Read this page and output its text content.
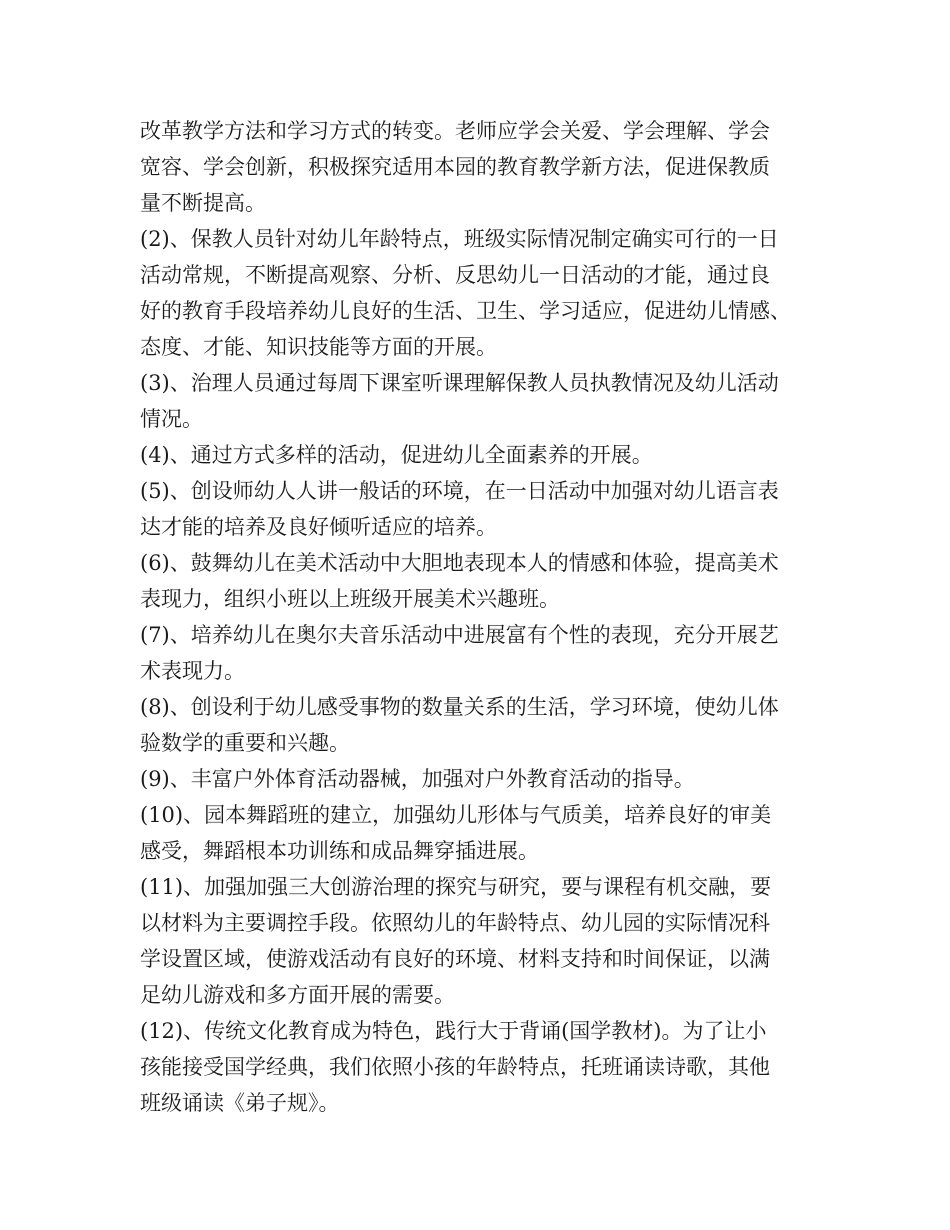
改革教学方法和学习方式的转变。老师应学会关爱、学会理解、学会
宽容、学会创新，积极探究适用本园的教育教学新方法，促进保教质
量不断提高。
(2)、保教人员针对幼儿年龄特点，班级实际情况制定确实可行的一日
活动常规，不断提高观察、分析、反思幼儿一日活动的才能，通过良
好的教育手段培养幼儿良好的生活、卫生、学习适应，促进幼儿情感、
态度、才能、知识技能等方面的开展。
(3)、治理人员通过每周下课室听课理解保教人员执教情况及幼儿活动
情况。
(4)、通过方式多样的活动，促进幼儿全面素养的开展。
(5)、创设师幼人人讲一般话的环境，在一日活动中加强对幼儿语言表
达才能的培养及良好倾听适应的培养。
(6)、鼓舞幼儿在美术活动中大胆地表现本人的情感和体验，提高美术
表现力，组织小班以上班级开展美术兴趣班。
(7)、培养幼儿在奥尔夫音乐活动中进展富有个性的表现，充分开展艺
术表现力。
(8)、创设利于幼儿感受事物的数量关系的生活，学习环境，使幼儿体
验数学的重要和兴趣。
(9)、丰富户外体育活动器械，加强对户外教育活动的指导。
(10)、园本舞蹈班的建立，加强幼儿形体与气质美，培养良好的审美
感受，舞蹈根本功训练和成品舞穿插进展。
(11)、加强加强三大创游治理的探究与研究，要与课程有机交融，要
以材料为主要调控手段。依照幼儿的年龄特点、幼儿园的实际情况科
学设置区域，使游戏活动有良好的环境、材料支持和时间保证，以满
足幼儿游戏和多方面开展的需要。
(12)、传统文化教育成为特色，践行大于背诵(国学教材)。为了让小
孩能接受国学经典，我们依照小孩的年龄特点，托班诵读诗歌，其他
班级诵读《弟子规》。
